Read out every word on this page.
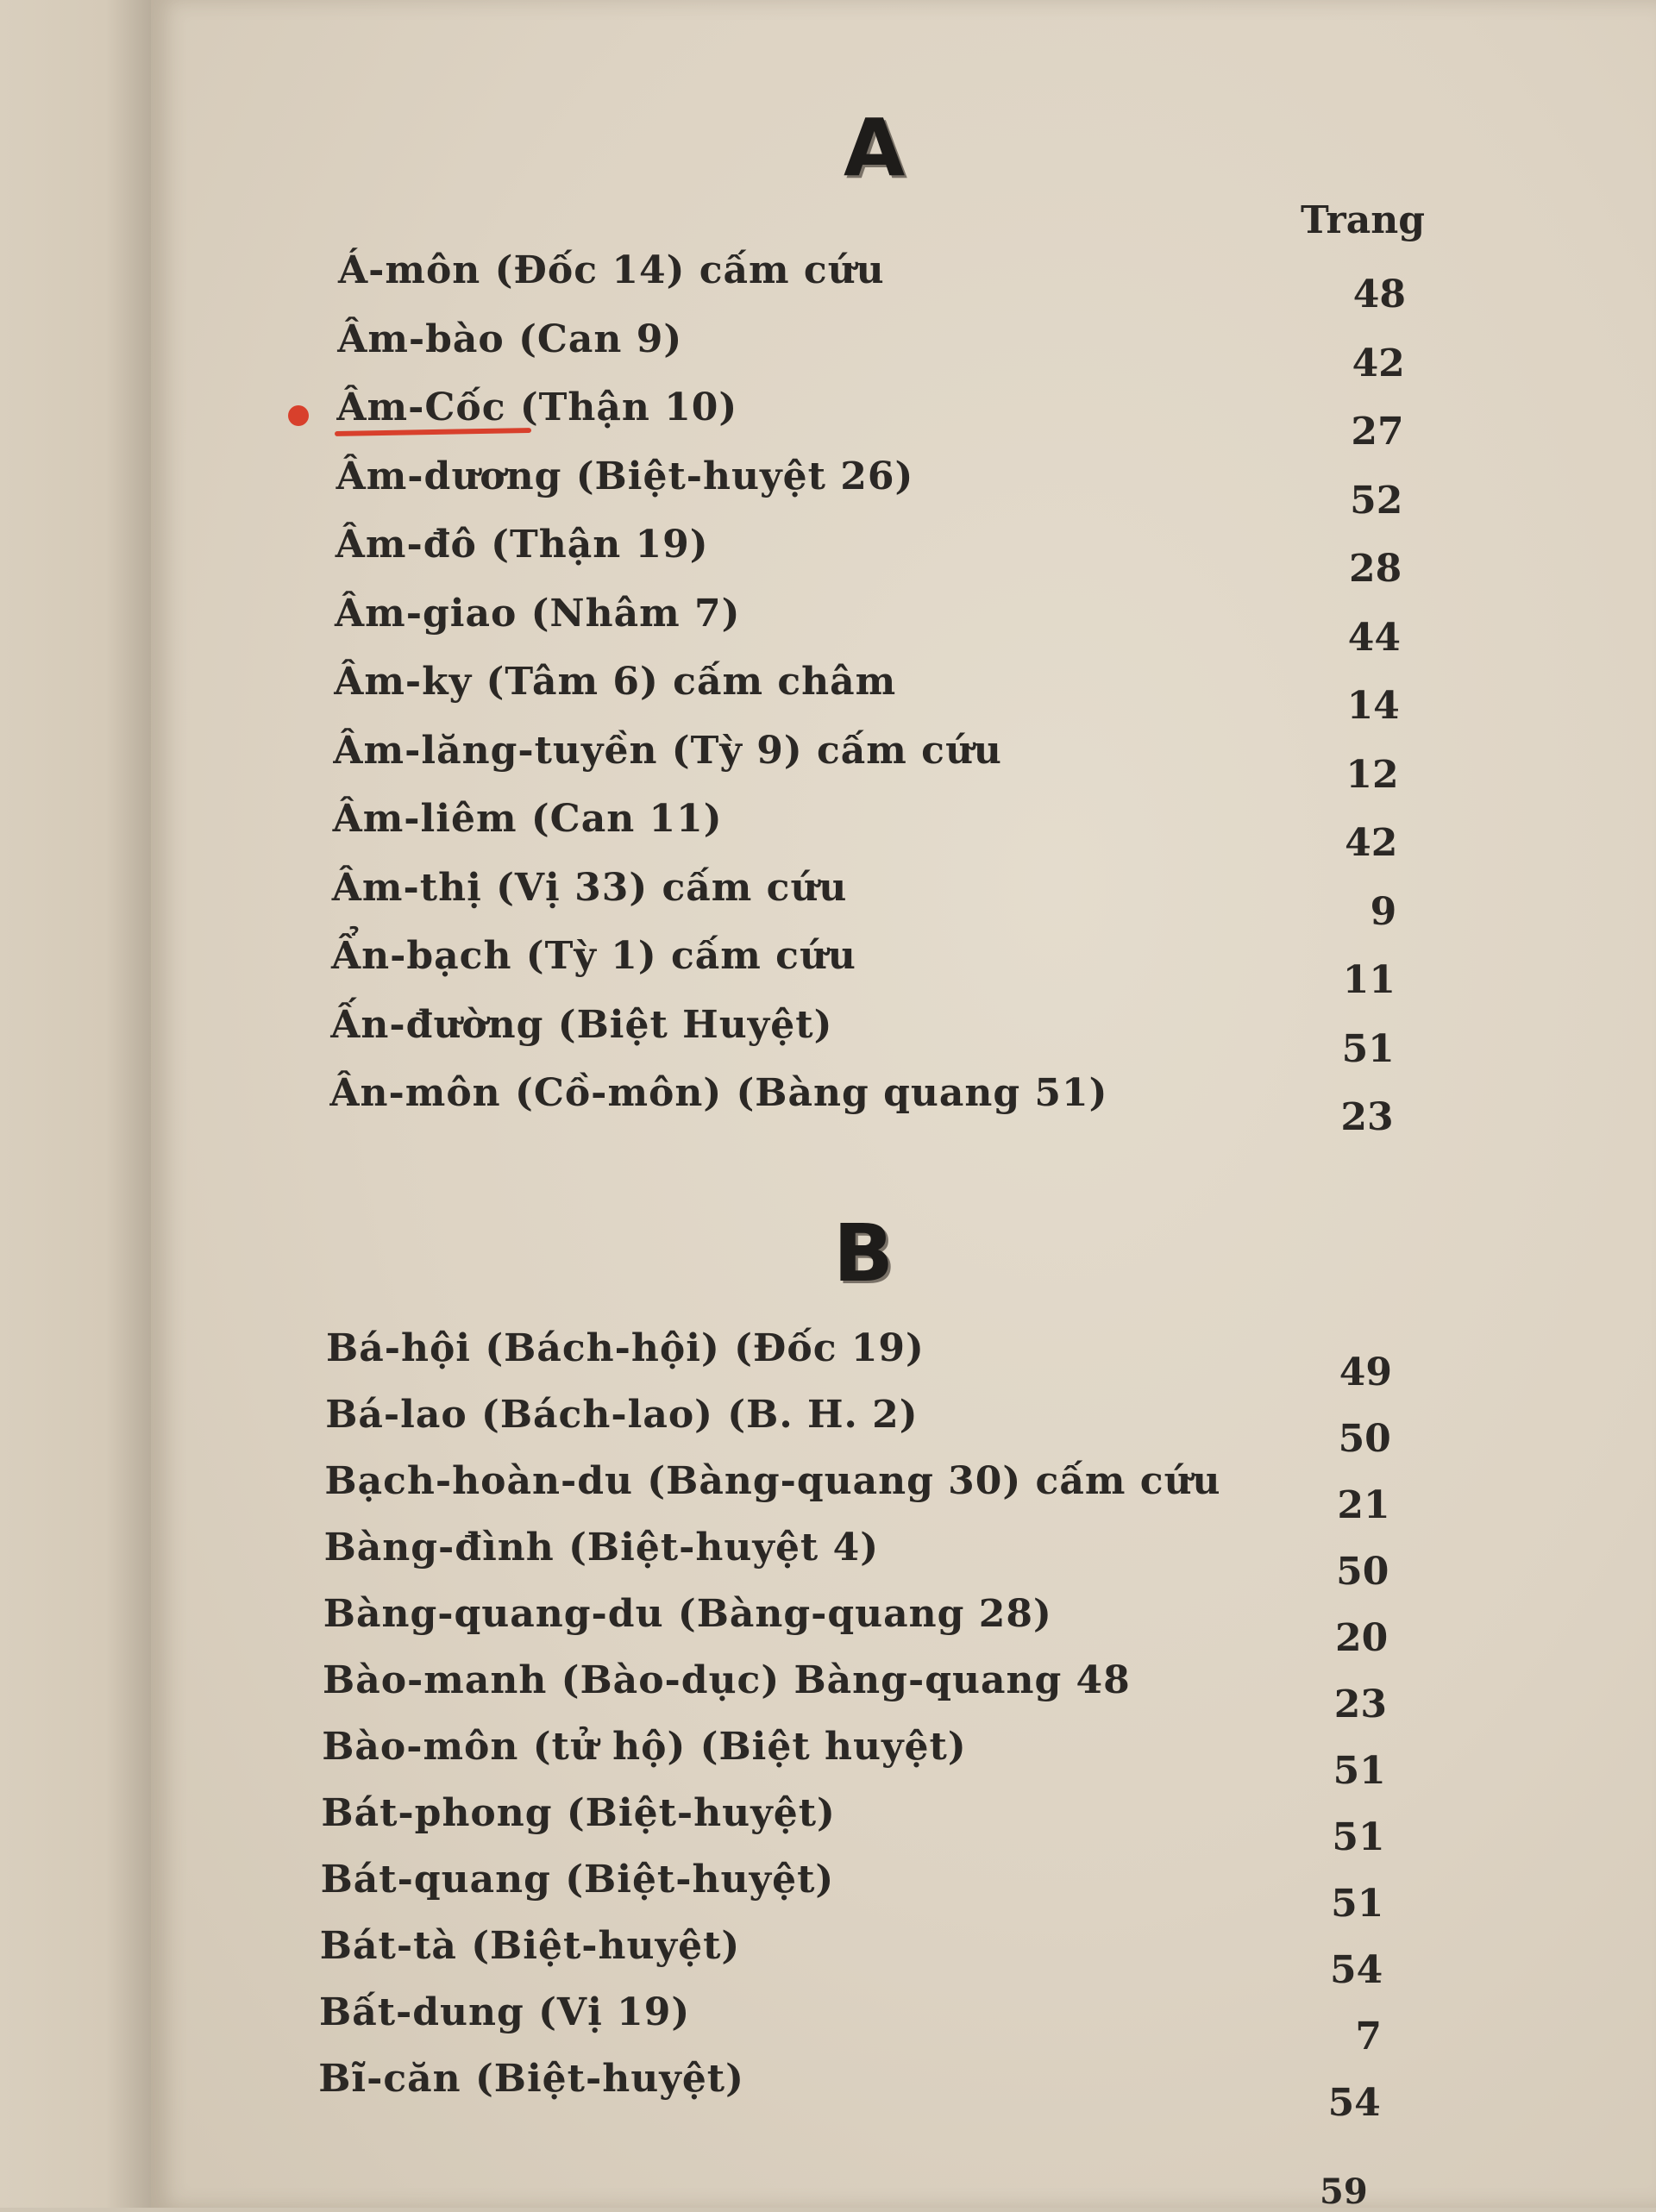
A
Trang
Á-môn (Đốc 14) cấm cứu
48
Âm-bào (Can 9)
42
Âm-Cốc (Thận 10)
27
Âm-dương (Biệt-huyệt 26)
52
Âm-đô (Thận 19)
28
Âm-giao (Nhâm 7)
44
Âm-ky (Tâm 6) cấm châm
14
Âm-lăng-tuyền (Tỳ 9) cấm cứu
12
Âm-liêm (Can 11)
42
Âm-thị (Vị 33) cấm cứu
9
Ẩn-bạch (Tỳ 1) cấm cứu
11
Ấn-đường (Biệt Huyệt)
51
Ân-môn (Cồ-môn) (Bàng quang 51)
23
B
Bá-hội (Bách-hội) (Đốc 19)
49
Bá-lao (Bách-lao) (B. H. 2)
50
Bạch-hoàn-du (Bàng-quang 30) cấm cứu
21
Bàng-đình (Biệt-huyệt 4)
50
Bàng-quang-du (Bàng-quang 28)
20
Bào-manh (Bào-dục) Bàng-quang 48
23
Bào-môn (tử hộ) (Biệt huyệt)
51
Bát-phong (Biệt-huyệt)
51
Bát-quang (Biệt-huyệt)
51
Bát-tà (Biệt-huyệt)
54
Bất-dung (Vị 19)
7
Bĩ-căn (Biệt-huyệt)
54
59
